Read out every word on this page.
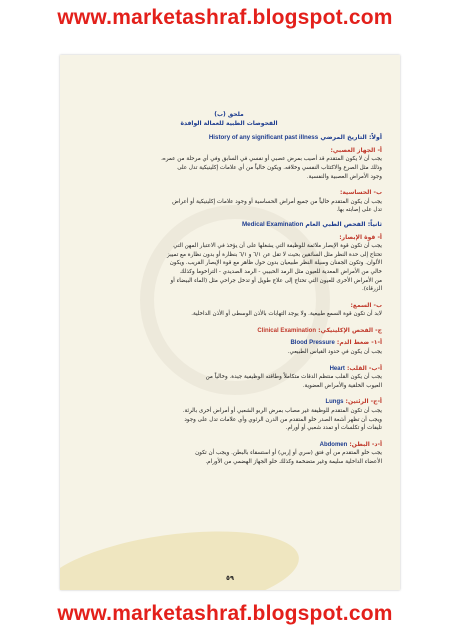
www.marketashraf.blogspot.com
ملحق (ب)
الفحوصات الطبية للعمالة الوافدة
أولاً: التاريخ المرضي History of any significant past illness
أ- الجهاز العصبي:

يجب أن لا يكون المتقدم قد أصيب بمرض عصبي أو نفسي في السابق وفي أي مرحلة من عمره،

وذلك مثل الصرع والاكتئاب النفسي وخلافه. ويكون خالياً من أي علامات إكلينيكية تدل على

وجود الأمراض العصبية والنفسية.

ب- الحساسية:

يجب أن يكون المتقدم خالياً من جميع أمراض الحساسية أو وجود علامات إكلينيكية أو أعراض

تدل على إصابته بها.

ثانياً: الفحص الطبي العام Medical Examination
أ- قوة الإبصار:

يجب أن تكون قوة الإبصار ملائمة للوظيفة التي يشغلها على أن يؤخذ في الاعتبار المهن التي

تحتاج إلى حدة النظر مثل السائقين بحيث لا تقل عن ٦/١ و ٦/١ بنظارة أو بدون نظارة مع تمييز

الألوان. وتكون الجفنان وسيلة النظر طبيعيان بدون حول ظاهر مع قوة الإبصار القريب. ويكون

خالي من الأمراض المعدية للعيون مثل الرمد الحبيبي - الرمد الصديدي - التراخوما وكذلك

من الأمراض الأخرى للعيون التي تحتاج إلى علاج طويل أو تدخل جراحي مثل (الماء البيضاء أو

الزرقاء).

ب- السمع:

لابد أن تكون قوة السمع طبيعية. ولا يوجد التهابات بالأذن الوسطى أو الأذن الداخلية.

ج- الفحص الإكلينيكي: Clinical Examination
أ-١- ضغط الدم: Blood Pressure

يجب أن يكون في حدود القياس الطبيعي.

أ-ب- القلب: Heart

يجب أن يكون القلب منتظم الدقات متكاملاً وطاقته الوظيفية جيدة. وخالياً من

العيوب الخلقية والأمراض العضوية.

أ-ج- الرئتين: Lungs

يجب أن تكون المتقدم للوظيفة غير مصاب بمرض الربو الشعبي أو أمراض أخرى بالرئة.

ويجب أن تظهر أشعة الصدر خلو المتقدم من الدرن الرئوي وأي علامات تدل على وجود

تليفات أو تكلسات أو تمدد شعبي أو أورام.

أ-د- البطن: Abdomen

يجب خلو المتقدم من أي فتق (سري أو إربي) أو استسقاء بالبطن. ويجب أن تكون

الأعضاء الداخلية سليمة وغير متضخمة وكذلك خلو الجهاز الهضمي من الأورام.

٥٩
www.marketashraf.blogspot.com
